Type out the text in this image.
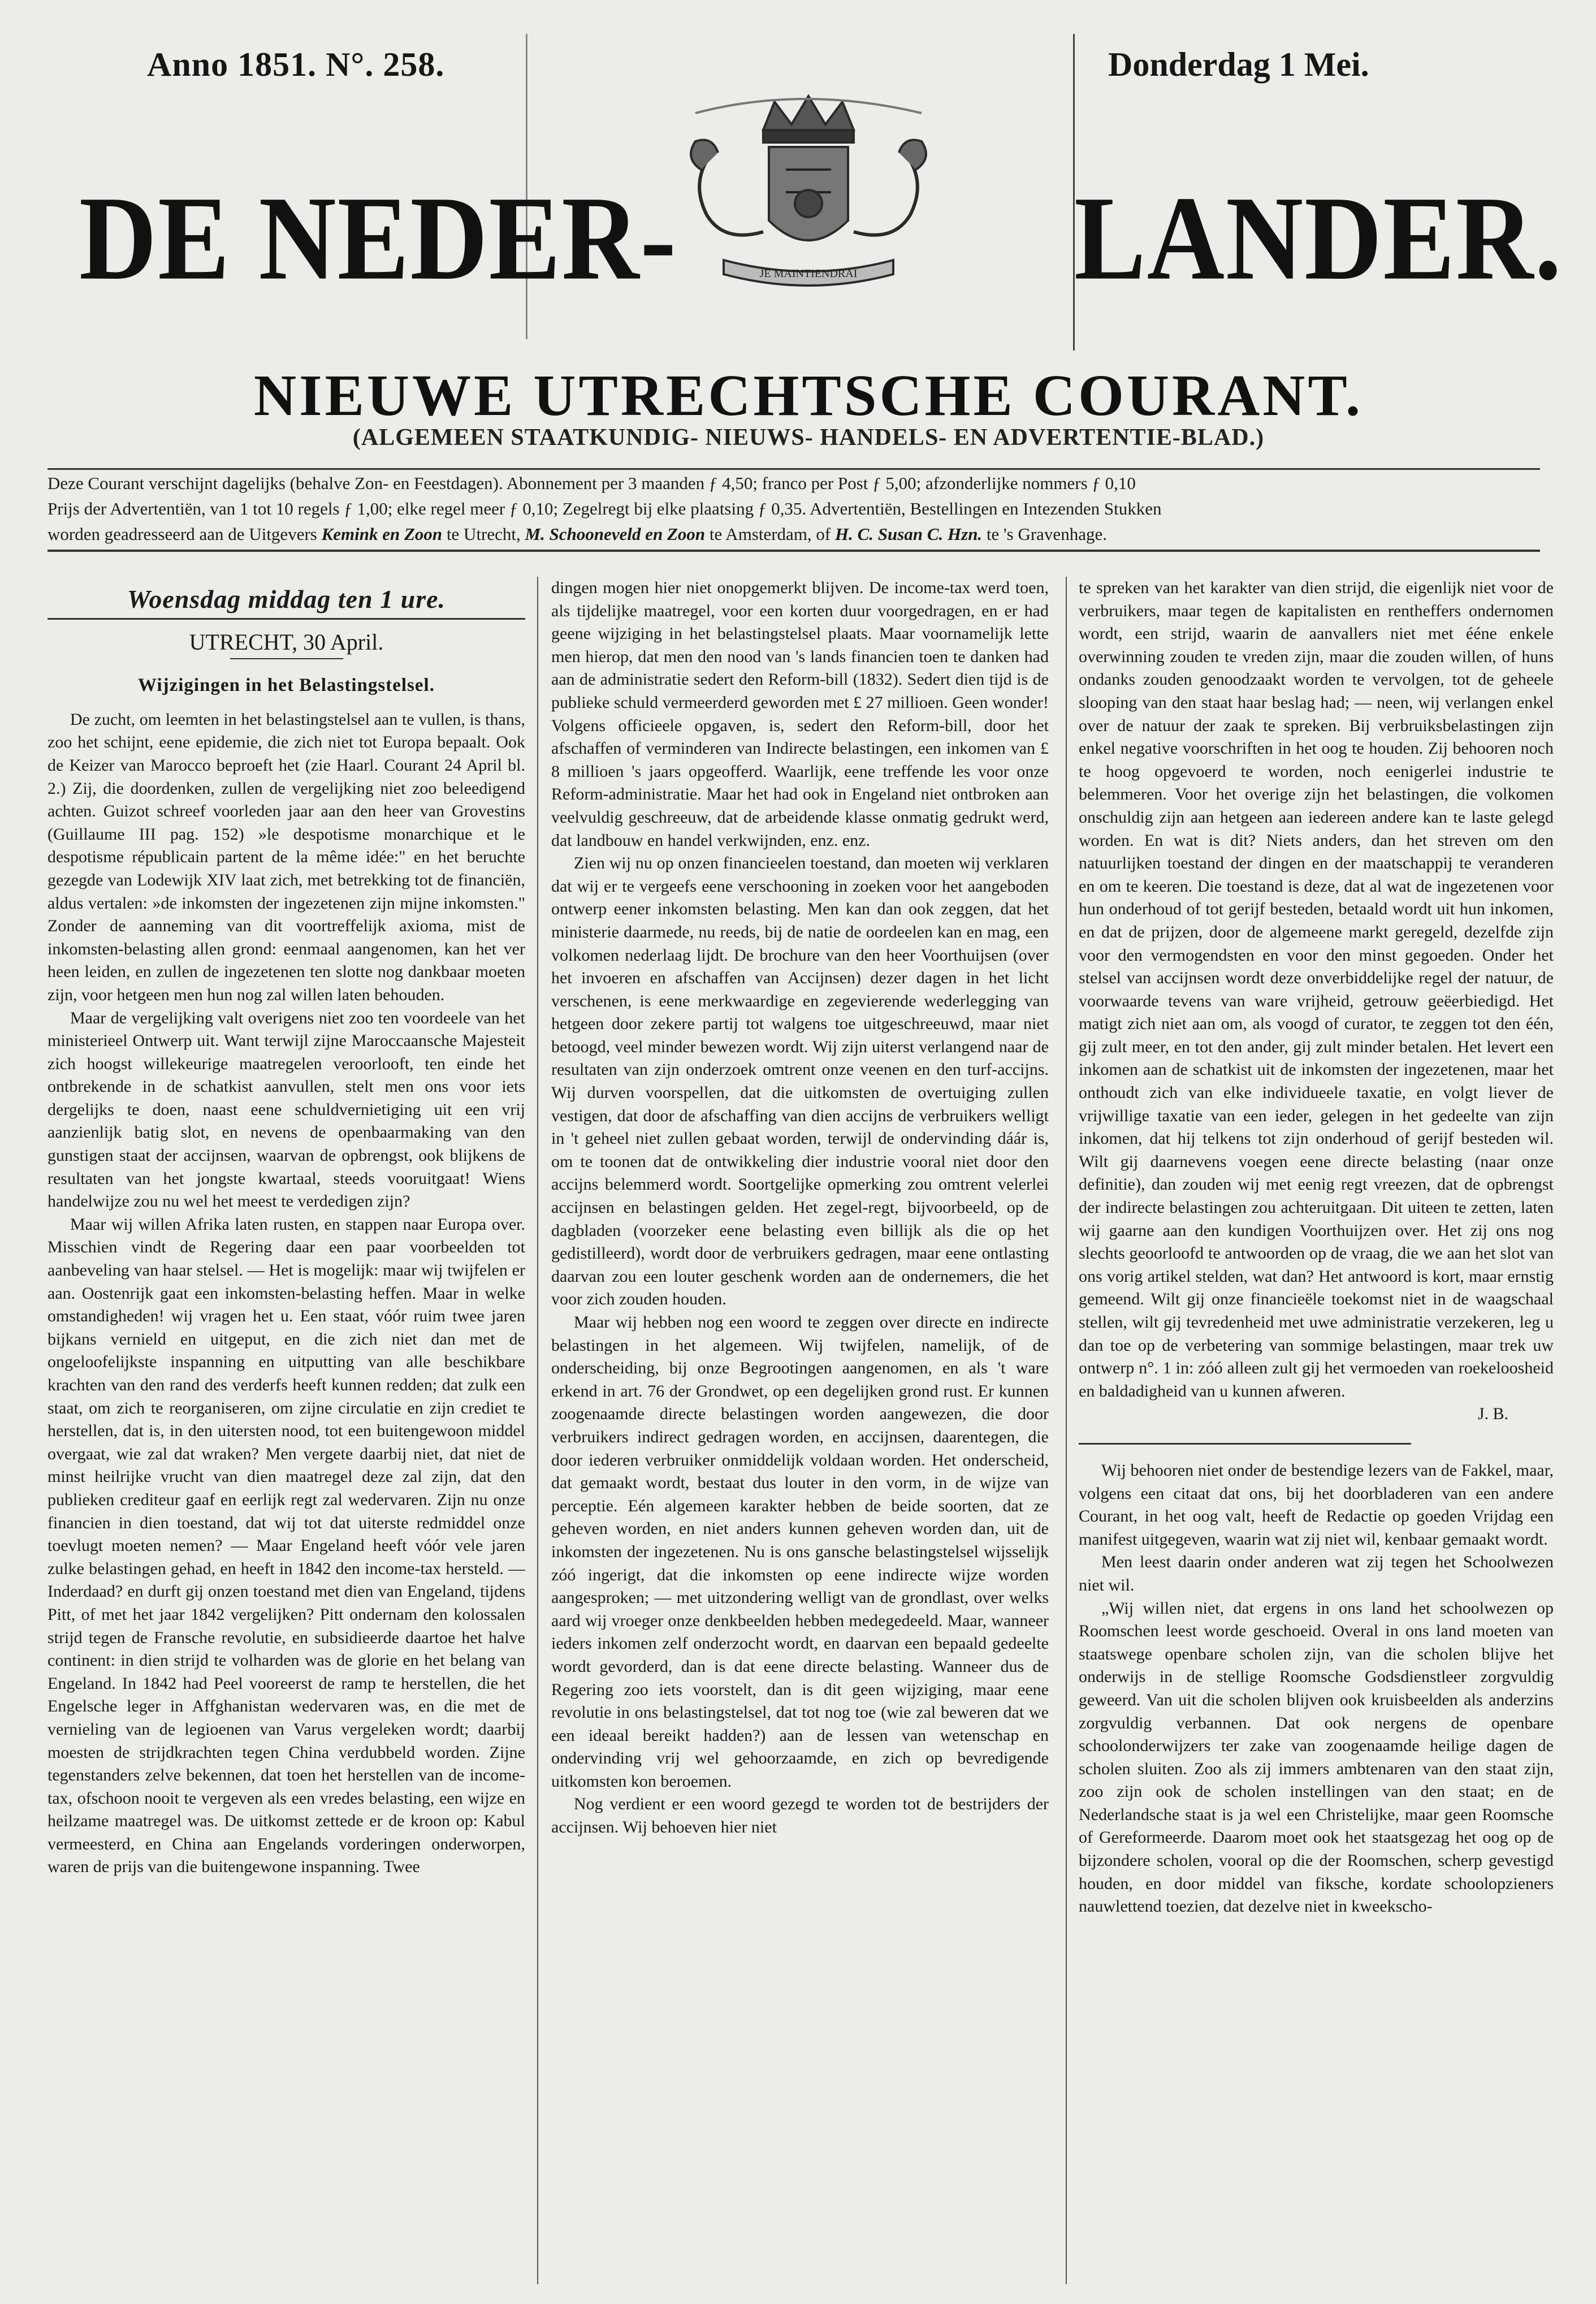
Anno 1851. N°. 258.	Donderdag 1 Mei.
DE NEDER-	LANDER.
JE MAINTIENDRAI
NIEUWE UTRECHTSCHE COURANT.
(ALGEMEEN STAATKUNDIG- NIEUWS- HANDELS- EN ADVERTENTIE-BLAD.)

Deze Courant verschijnt dagelijks (behalve Zon- en Feestdagen). Abonnement per 3 maanden ƒ 4,50; franco per Post ƒ 5,00; afzonderlijke nommers ƒ 0,10

Prijs der Advertentiën, van 1 tot 10 regels ƒ 1,00; elke regel meer ƒ 0,10; Zegelregt bij elke plaatsing ƒ 0,35. Advertentiën, Bestellingen en Intezenden Stukken

worden geadresseerd aan de Uitgevers Kemink en Zoon te Utrecht, M. Schooneveld en Zoon te Amsterdam, of H. C. Susan C. Hzn. te 's Gravenhage.

Woensdag middag ten 1 ure.
UTRECHT, 30 April.
Wijzigingen in het Belastingstelsel.

De zucht, om leemten in het belastingstelsel aan te vullen, is thans, zoo het schijnt, eene epidemie, die zich niet tot Europa bepaalt. Ook de Keizer van Marocco beproeft het (zie Haarl. Courant 24 April bl. 2.) Zij, die doordenken, zullen de vergelijking niet zoo beleedigend achten. Guizot schreef voorleden jaar aan den heer van Grovestins (Guillaume III pag. 152) »le despotisme monarchique et le despotisme républicain partent de la même idée:" en het beruchte gezegde van Lodewijk XIV laat zich, met betrekking tot de financiën, aldus vertalen: »de inkomsten der ingezetenen zijn mijne inkomsten." Zonder de aanneming van dit voortreffelijk axioma, mist de inkomsten-belasting allen grond: eenmaal aangenomen, kan het ver heen leiden, en zullen de ingezetenen ten slotte nog dankbaar moeten zijn, voor hetgeen men hun nog zal willen laten behouden.

Maar de vergelijking valt overigens niet zoo ten voordeele van het ministerieel Ontwerp uit. Want terwijl zijne Maroccaansche Majesteit zich hoogst willekeurige maatregelen veroorlooft, ten einde het ontbrekende in de schatkist aanvullen, stelt men ons voor iets dergelijks te doen, naast eene schuldvernietiging uit een vrij aanzienlijk batig slot, en nevens de openbaarmaking van den gunstigen staat der accijnsen, waarvan de opbrengst, ook blijkens de resultaten van het jongste kwartaal, steeds vooruitgaat! Wiens handelwijze zou nu wel het meest te verdedigen zijn?

Maar wij willen Afrika laten rusten, en stappen naar Europa over. Misschien vindt de Regering daar een paar voorbeelden tot aanbeveling van haar stelsel. — Het is mogelijk: maar wij twijfelen er aan. Oostenrijk gaat een inkomsten-belasting heffen. Maar in welke omstandigheden! wij vragen het u. Een staat, vóór ruim twee jaren bijkans vernield en uitgeput, en die zich niet dan met de ongeloofelijkste inspanning en uitputting van alle beschikbare krachten van den rand des verderfs heeft kunnen redden; dat zulk een staat, om zich te reorganiseren, om zijne circulatie en zijn crediet te herstellen, dat is, in den uitersten nood, tot een buitengewoon middel overgaat, wie zal dat wraken? Men vergete daarbij niet, dat niet de minst heilrijke vrucht van dien maatregel deze zal zijn, dat den publieken crediteur gaaf en eerlijk regt zal wedervaren. Zijn nu onze financien in dien toestand, dat wij tot dat uiterste redmiddel onze toevlugt moeten nemen? — Maar Engeland heeft vóór vele jaren zulke belastingen gehad, en heeft in 1842 den income-tax hersteld. — Inderdaad? en durft gij onzen toestand met dien van Engeland, tijdens Pitt, of met het jaar 1842 vergelijken? Pitt ondernam den kolossalen strijd tegen de Fransche revolutie, en subsidieerde daartoe het halve continent: in dien strijd te volharden was de glorie en het belang van Engeland. In 1842 had Peel vooreerst de ramp te herstellen, die het Engelsche leger in Affghanistan wedervaren was, en die met de vernieling van de legioenen van Varus vergeleken wordt; daarbij moesten de strijdkrachten tegen China verdubbeld worden. Zijne tegenstanders zelve bekennen, dat toen het herstellen van de income-tax, ofschoon nooit te vergeven als een vredes belasting, een wijze en heilzame maatregel was. De uitkomst zettede er de kroon op: Kabul vermeesterd, en China aan Engelands vorderingen onderworpen, waren de prijs van die buitengewone inspanning. Twee

dingen mogen hier niet onopgemerkt blijven. De income-tax werd toen, als tijdelijke maatregel, voor een korten duur voorgedragen, en er had geene wijziging in het belastingstelsel plaats. Maar voornamelijk lette men hierop, dat men den nood van 's lands financien toen te danken had aan de administratie sedert den Reform-bill (1832). Sedert dien tijd is de publieke schuld vermeerderd geworden met £ 27 millioen. Geen wonder! Volgens officieele opgaven, is, sedert den Reform-bill, door het afschaffen of verminderen van Indirecte belastingen, een inkomen van £ 8 millioen 's jaars opgeofferd. Waarlijk, eene treffende les voor onze Reform-administratie. Maar het had ook in Engeland niet ontbroken aan veelvuldig geschreeuw, dat de arbeidende klasse onmatig gedrukt werd, dat landbouw en handel verkwijnden, enz. enz.

Zien wij nu op onzen financieelen toestand, dan moeten wij verklaren dat wij er te vergeefs eene verschooning in zoeken voor het aangeboden ontwerp eener inkomsten belasting. Men kan dan ook zeggen, dat het ministerie daarmede, nu reeds, bij de natie de oordeelen kan en mag, een volkomen nederlaag lijdt. De brochure van den heer Voorthuijsen (over het invoeren en afschaffen van Accijnsen) dezer dagen in het licht verschenen, is eene merkwaardige en zegevierende wederlegging van hetgeen door zekere partij tot walgens toe uitgeschreeuwd, maar niet betoogd, veel minder bewezen wordt. Wij zijn uiterst verlangend naar de resultaten van zijn onderzoek omtrent onze veenen en den turf-accijns. Wij durven voorspellen, dat die uitkomsten de overtuiging zullen vestigen, dat door de afschaffing van dien accijns de verbruikers welligt in 't geheel niet zullen gebaat worden, terwijl de ondervinding dáár is, om te toonen dat de ontwikkeling dier industrie vooral niet door den accijns belemmerd wordt. Soortgelijke opmerking zou omtrent velerlei accijnsen en belastingen gelden. Het zegel-regt, bijvoorbeeld, op de dagbladen (voorzeker eene belasting even billijk als die op het gedistilleerd), wordt door de verbruikers gedragen, maar eene ontlasting daarvan zou een louter geschenk worden aan de ondernemers, die het voor zich zouden houden.

Maar wij hebben nog een woord te zeggen over directe en indirecte belastingen in het algemeen. Wij twijfelen, namelijk, of de onderscheiding, bij onze Begrootingen aangenomen, en als 't ware erkend in art. 76 der Grondwet, op een degelijken grond rust. Er kunnen zoogenaamde directe belastingen worden aangewezen, die door verbruikers indirect gedragen worden, en accijnsen, daarentegen, die door iederen verbruiker onmiddelijk voldaan worden. Het onderscheid, dat gemaakt wordt, bestaat dus louter in den vorm, in de wijze van perceptie. Eén algemeen karakter hebben de beide soorten, dat ze geheven worden, en niet anders kunnen geheven worden dan, uit de inkomsten der ingezetenen. Nu is ons gansche belastingstelsel wijsselijk zóó ingerigt, dat die inkomsten op eene indirecte wijze worden aangesproken; — met uitzondering welligt van de grondlast, over welks aard wij vroeger onze denkbeelden hebben medegedeeld. Maar, wanneer ieders inkomen zelf onderzocht wordt, en daarvan een bepaald gedeelte wordt gevorderd, dan is dat eene directe belasting. Wanneer dus de Regering zoo iets voorstelt, dan is dit geen wijziging, maar eene revolutie in ons belastingstelsel, dat tot nog toe (wie zal beweren dat we een ideaal bereikt hadden?) aan de lessen van wetenschap en ondervinding vrij wel gehoorzaamde, en zich op bevredigende uitkomsten kon beroemen.

Nog verdient er een woord gezegd te worden tot de bestrijders der accijnsen. Wij behoeven hier niet

te spreken van het karakter van dien strijd, die eigenlijk niet voor de verbruikers, maar tegen de kapitalisten en rentheffers ondernomen wordt, een strijd, waarin de aanvallers niet met ééne enkele overwinning zouden te vreden zijn, maar die zouden willen, of huns ondanks zouden genoodzaakt worden te vervolgen, tot de geheele slooping van den staat haar beslag had; — neen, wij verlangen enkel over de natuur der zaak te spreken. Bij verbruiksbelastingen zijn enkel negative voorschriften in het oog te houden. Zij behooren noch te hoog opgevoerd te worden, noch eenigerlei industrie te belemmeren. Voor het overige zijn het belastingen, die volkomen onschuldig zijn aan hetgeen aan iedereen andere kan te laste gelegd worden. En wat is dit? Niets anders, dan het streven om den natuurlijken toestand der dingen en der maatschappij te veranderen en om te keeren. Die toestand is deze, dat al wat de ingezetenen voor hun onderhoud of tot gerijf besteden, betaald wordt uit hun inkomen, en dat de prijzen, door de algemeene markt geregeld, dezelfde zijn voor den vermogendsten en voor den minst gegoeden. Onder het stelsel van accijnsen wordt deze onverbiddelijke regel der natuur, de voorwaarde tevens van ware vrijheid, getrouw geëerbiedigd. Het matigt zich niet aan om, als voogd of curator, te zeggen tot den één, gij zult meer, en tot den ander, gij zult minder betalen. Het levert een inkomen aan de schatkist uit de inkomsten der ingezetenen, maar het onthoudt zich van elke individueele taxatie, en volgt liever de vrijwillige taxatie van een ieder, gelegen in het gedeelte van zijn inkomen, dat hij telkens tot zijn onderhoud of gerijf besteden wil. Wilt gij daarnevens voegen eene directe belasting (naar onze definitie), dan zouden wij met eenig regt vreezen, dat de opbrengst der indirecte belastingen zou achteruitgaan. Dit uiteen te zetten, laten wij gaarne aan den kundigen Voorthuijzen over. Het zij ons nog slechts geoorloofd te antwoorden op de vraag, die we aan het slot van ons vorig artikel stelden, wat dan? Het antwoord is kort, maar ernstig gemeend. Wilt gij onze financieële toekomst niet in de waagschaal stellen, wilt gij tevredenheid met uwe administratie verzekeren, leg u dan toe op de verbetering van sommige belastingen, maar trek uw ontwerp n°. 1 in: zóó alleen zult gij het vermoeden van roekeloosheid en baldadigheid van u kunnen afweren.

J. B.

Wij behooren niet onder de bestendige lezers van de Fakkel, maar, volgens een citaat dat ons, bij het doorbladeren van een andere Courant, in het oog valt, heeft de Redactie op goeden Vrijdag een manifest uitgegeven, waarin wat zij niet wil, kenbaar gemaakt wordt.

Men leest daarin onder anderen wat zij tegen het Schoolwezen niet wil.

„Wij willen niet, dat ergens in ons land het schoolwezen op Roomschen leest worde geschoeid. Overal in ons land moeten van staatswege openbare scholen zijn, van die scholen blijve het onderwijs in de stellige Roomsche Godsdienstleer zorgvuldig geweerd. Van uit die scholen blijven ook kruisbeelden als anderzins zorgvuldig verbannen. Dat ook nergens de openbare schoolonderwijzers ter zake van zoogenaamde heilige dagen de scholen sluiten. Zoo als zij immers ambtenaren van den staat zijn, zoo zijn ook de scholen instellingen van den staat; en de Nederlandsche staat is ja wel een Christelijke, maar geen Roomsche of Gereformeerde. Daarom moet ook het staatsgezag het oog op de bijzondere scholen, vooral op die der Roomschen, scherp gevestigd houden, en door middel van fiksche, kordate schoolopzieners nauwlettend toezien, dat dezelve niet in kweekscho-
